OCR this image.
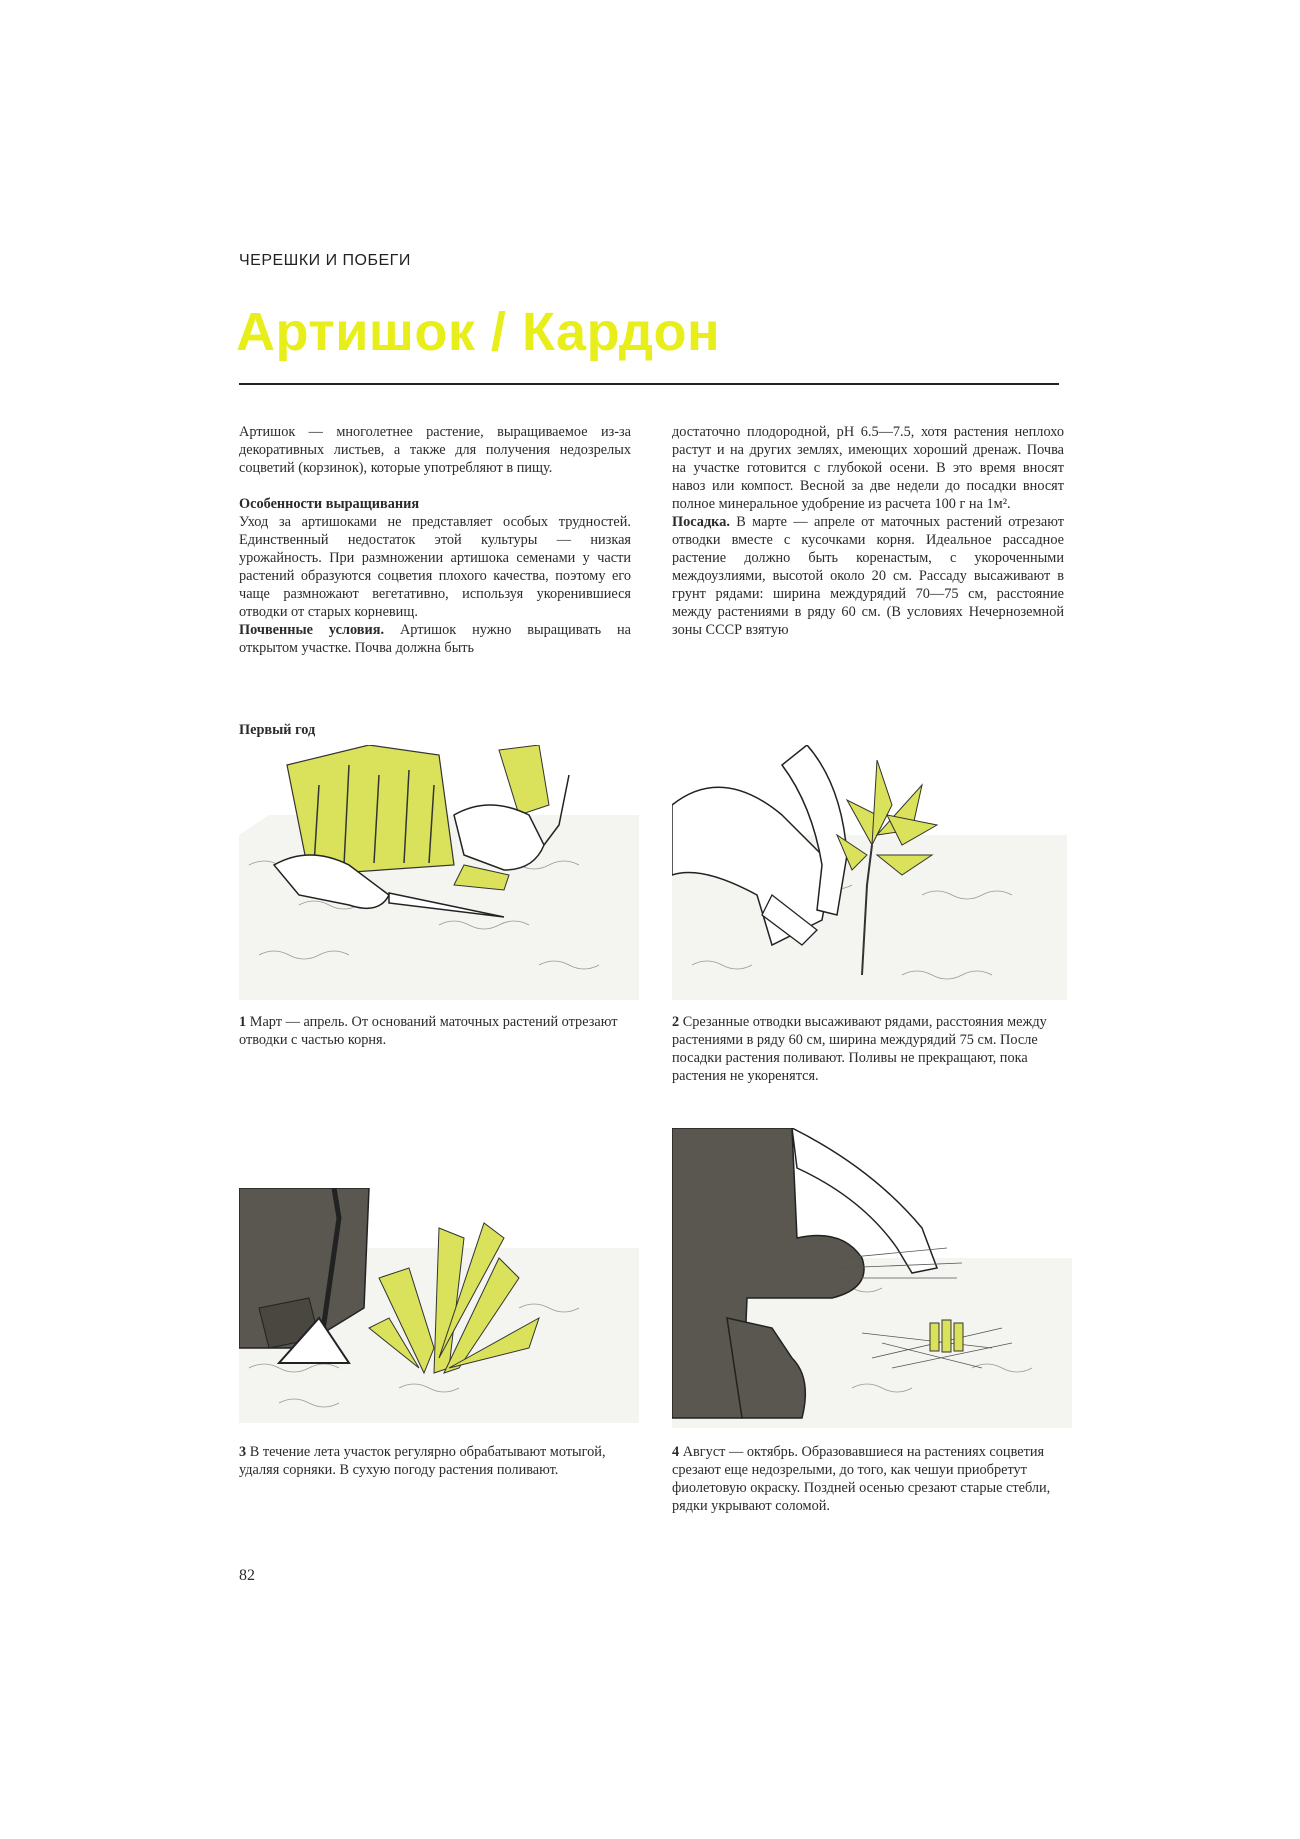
ЧЕРЕШКИ И ПОБЕГИ
Артишок / Кардон

Артишок — многолетнее растение, выращиваемое из-за декоративных листьев, а также для получения недозрелых соцветий (корзинок), которые употребляют в пищу.

Особенности выращивания

Уход за артишоками не представляет особых трудностей. Единственный недостаток этой культуры — низкая урожайность. При размножении артишока семенами у части растений образуются соцветия плохого качества, поэтому его чаще размножают вегетативно, используя укоренившиеся отводки от старых корневищ.

Почвенные условия. Артишок нужно выращивать на открытом участке. Почва должна быть

достаточно плодородной, pH 6.5—7.5, хотя растения неплохо растут и на других землях, имеющих хороший дренаж. Почва на участке готовится с глубокой осени. В это время вносят навоз или компост. Весной за две недели до посадки вносят полное минеральное удобрение из расчета 100 г на 1м².

Посадка. В марте — апреле от маточных растений отрезают отводки вместе с кусочками корня. Идеальное рассадное растение должно быть коренастым, с укороченными междоузлиями, высотой около 20 см. Рассаду высаживают в грунт рядами: ширина междурядий 70—75 см, расстояние между растениями в ряду 60 см. (В условиях Нечерноземной зоны СССР взятую

Первый год
1 Март — апрель. От оснований маточных растений отрезают отводки с частью корня.
2 Срезанные отводки высаживают рядами, расстояния между растениями в ряду 60 см, ширина междурядий 75 см. После посадки растения поливают. Поливы не прекращают, пока растения не укоренятся.
3 В течение лета участок регулярно обрабатывают мотыгой, удаляя сорняки. В сухую погоду растения поливают.
4 Август — октябрь. Образовавшиеся на растениях соцветия срезают еще недозрелыми, до того, как чешуи приобретут фиолетовую окраску. Поздней осенью срезают старые стебли, рядки укрывают соломой.
82
